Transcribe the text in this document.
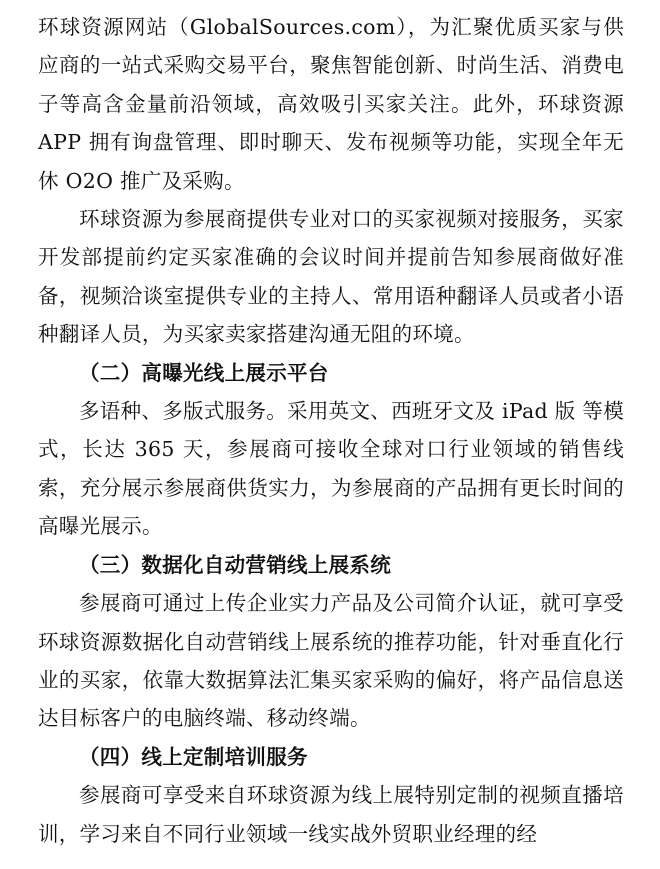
环球资源网站（GlobalSources.com），为汇聚优质买家与供应商的一站式采购交易平台，聚焦智能创新、时尚生活、消费电子等高含金量前沿领域，高效吸引买家关注。此外，环球资源 APP 拥有询盘管理、即时聊天、发布视频等功能，实现全年无休 O2O 推广及采购。

环球资源为参展商提供专业对口的买家视频对接服务，买家开发部提前约定买家准确的会议时间并提前告知参展商做好准备，视频洽谈室提供专业的主持人、常用语种翻译人员或者小语种翻译人员，为买家卖家搭建沟通无阻的环境。

（二）高曝光线上展示平台

多语种、多版式服务。采用英文、西班牙文及 iPad 版 等模式，长达 365 天，参展商可接收全球对口行业领域的销售线索，充分展示参展商供货实力，为参展商的产品拥有更长时间的高曝光展示。

（三）数据化自动营销线上展系统

参展商可通过上传企业实力产品及公司简介认证，就可享受环球资源数据化自动营销线上展系统的推荐功能，针对垂直化行业的买家，依靠大数据算法汇集买家采购的偏好，将产品信息送达目标客户的电脑终端、移动终端。

（四）线上定制培训服务

参展商可享受来自环球资源为线上展特别定制的视频直播培训，学习来自不同行业领域一线实战外贸职业经理的经
